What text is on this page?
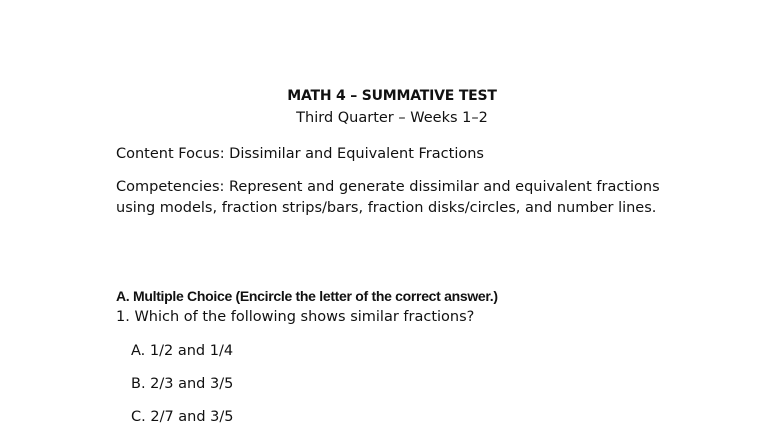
MATH 4 – SUMMATIVE TEST
Third Quarter – Weeks 1–2
Content Focus: Dissimilar and Equivalent Fractions
Competencies: Represent and generate dissimilar and equivalent fractions using models, fraction strips/bars, fraction disks/circles, and number lines.
A. Multiple Choice (Encircle the letter of the correct answer.)
1. Which of the following shows similar fractions?
A. 1/2 and 1/4
B. 2/3 and 3/5
C. 2/7 and 3/5
